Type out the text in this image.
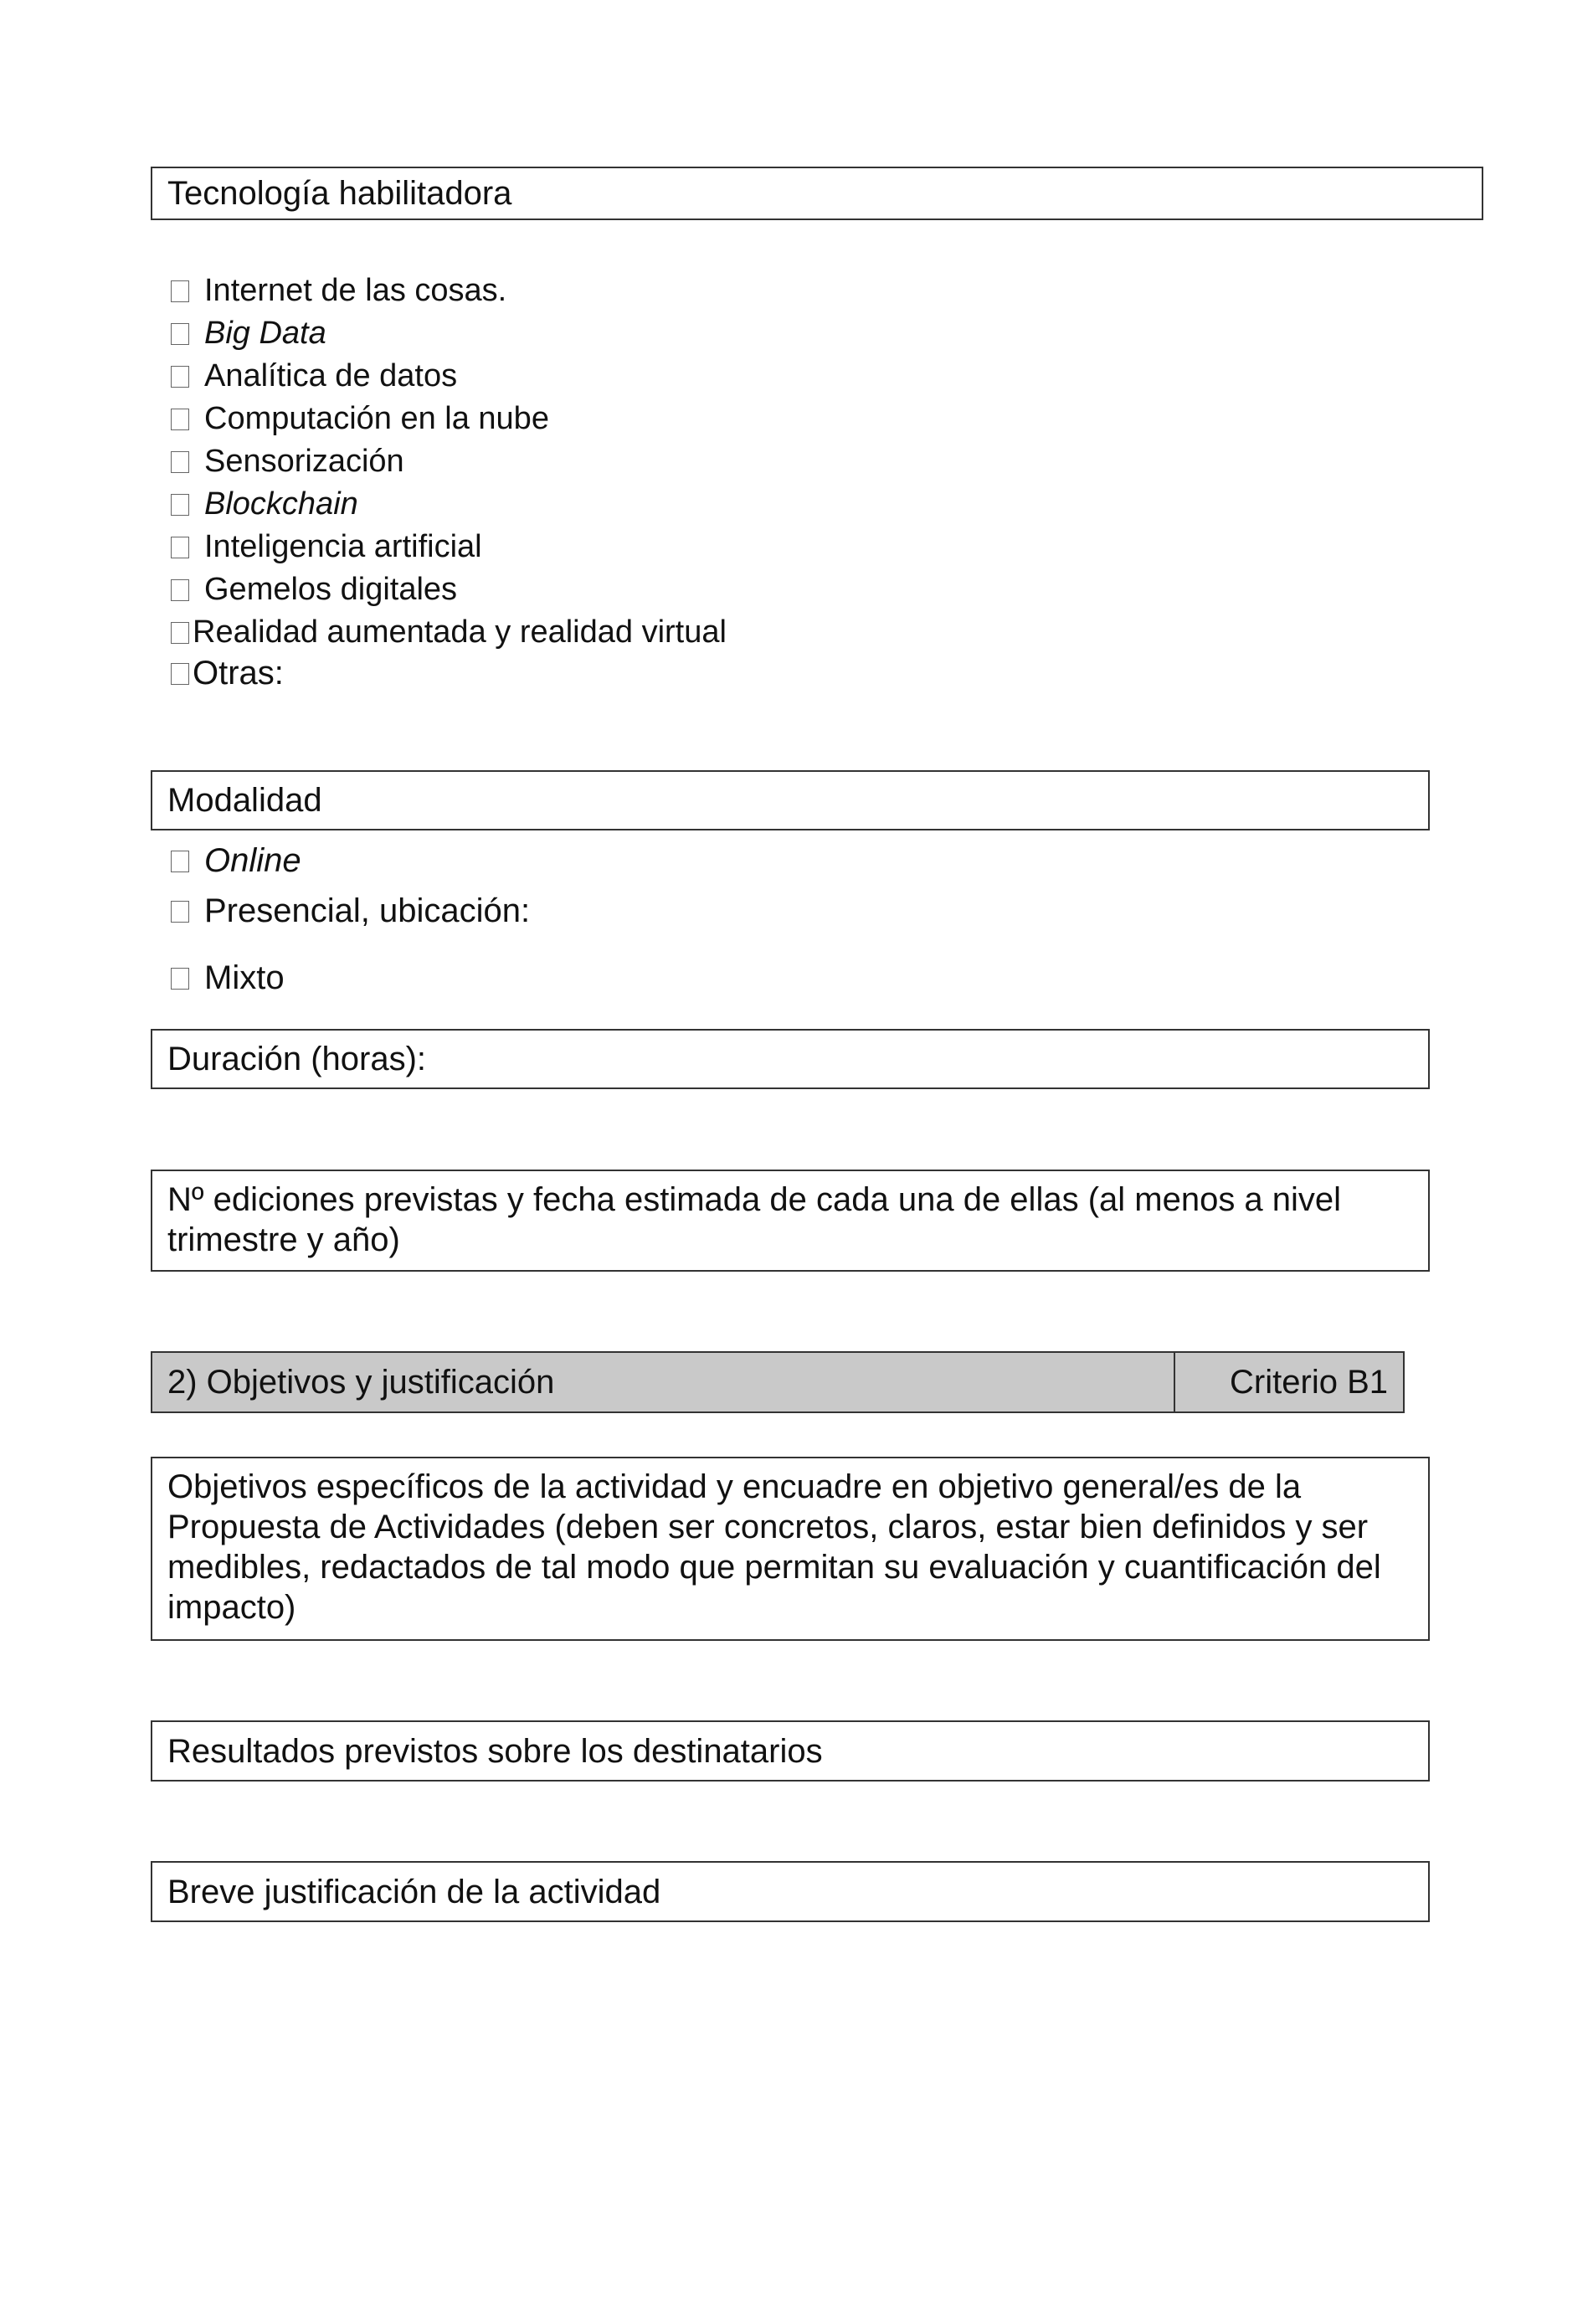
Tecnología habilitadora
Internet de las cosas.
Big Data
Analítica de datos
Computación en la nube
Sensorización
Blockchain
Inteligencia artificial
Gemelos digitales
Realidad aumentada y realidad virtual
Otras:
Modalidad
Online
Presencial, ubicación:
Mixto
Duración (horas):
Nº ediciones previstas y fecha estimada de cada una de ellas (al menos a nivel trimestre y año)
2) Objetivos y justificación	Criterio B1
Objetivos específicos de la actividad y encuadre en objetivo general/es de la Propuesta de Actividades (deben ser concretos, claros, estar bien definidos y ser medibles, redactados de tal modo que permitan su evaluación y cuantificación del impacto)
Resultados previstos sobre los destinatarios
Breve justificación de la actividad
